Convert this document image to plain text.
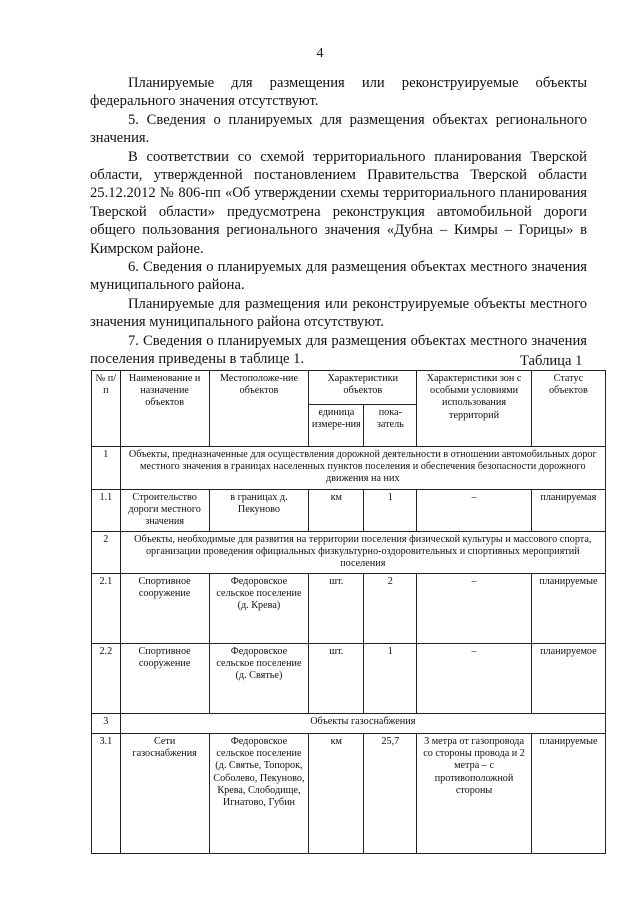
4

Планируемые для размещения или реконструируемые объекты федерального значения отсутствуют.

5. Сведения о планируемых для размещения объектах регионального значения.

В соответствии со схемой территориального планирования Тверской области, утвержденной постановлением Правительства Тверской области 25.12.2012 № 806-пп «Об утверждении схемы территориального планирования Тверской области» предусмотрена реконструкция автомобильной дороги общего пользования регионального значения «Дубна – Кимры – Горицы» в Кимрском районе.

6. Сведения о планируемых для размещения объектах местного значения муниципального района.

Планируемые для размещения или реконструируемые объекты местного значения муниципального района отсутствуют.

7. Сведения о планируемых для размещения объектах местного значения поселения приведены в таблице 1.	Таблица 1
№ п/п	Наименование и назначение объектов	Местоположе-ние объектов	Характеристики объектов		Характеристики зон с особыми условиями использования территорий	Статус объектов
			единица измере-ния	пока-затель		
1	Объекты, предназначенные для осуществления дорожной деятельности в отношении автомобильных дорог местного значения в границах населенных пунктов поселения и обеспечения безопасности дорожного движения на них					
1.1	Строительство дороги местного значения	в границах д. Пекуново	км	1	–	планируемая
2	Объекты, необходимые для развития на территории поселения физической культуры и массового спорта, организации проведения официальных физкультурно-оздоровительных и спортивных мероприятий поселения					
2.1	Спортивное сооружение	Федоровское сельское поселение (д. Крева)	шт.	2	–	планируемые
2.2	Спортивное сооружение	Федоровское сельское поселение (д. Святье)	шт.	1	–	планируемое
3	Объекты газоснабжения					
3.1	Сети газоснабжения	Федоровское сельское поселение (д. Святье, Топорок, Соболево, Пекуново, Крева, Слободище, Игнатово, Губин	км	25,7	3 метра от газопровода со стороны провода и 2 метра – с противоположной стороны	планируемые
